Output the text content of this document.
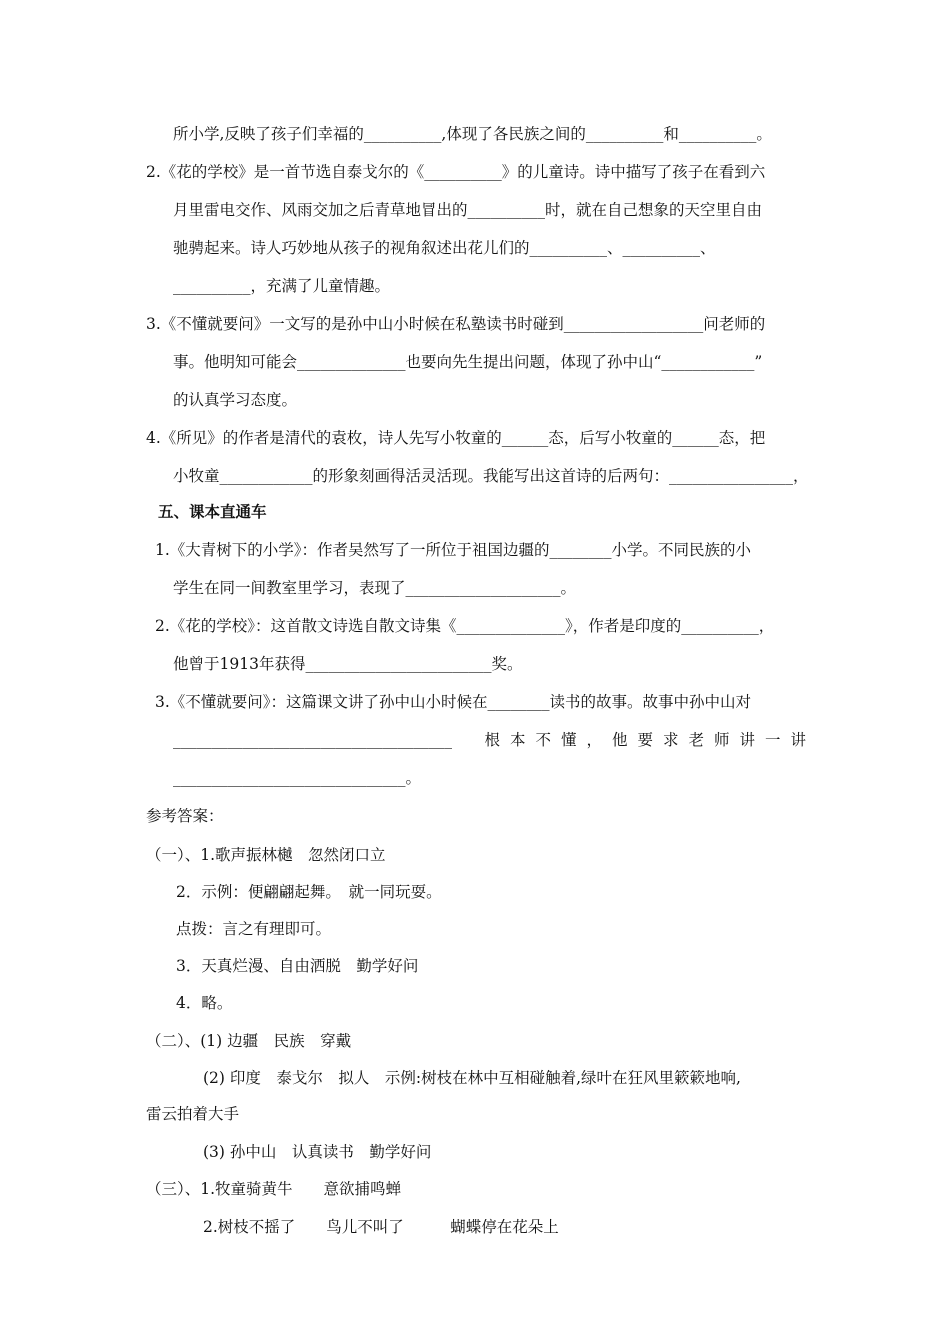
所小学,反映了孩子们幸福的__________,体现了各民族之间的__________和__________。
2.《花的学校》是一首节选自泰戈尔的《__________》的儿童诗。诗中描写了孩子在看到六
月里雷电交作、风雨交加之后青草地冒出的__________时，就在自己想象的天空里自由
驰骋起来。诗人巧妙地从孩子的视角叙述出花儿们的__________、__________、
__________，充满了儿童情趣。
3.《不懂就要问》一文写的是孙中山小时候在私塾读书时碰到__________________问老师的
事。他明知可能会______________也要向先生提出问题，体现了孙中山“____________”
的认真学习态度。
4.《所见》的作者是清代的袁枚，诗人先写小牧童的______态，后写小牧童的______态，把
小牧童____________的形象刻画得活灵活现。我能写出这首诗的后两句：________________，
五、课本直通车
1.《大青树下的小学》：作者吴然写了一所位于祖国边疆的________小学。不同民族的小
学生在同一间教室里学习，表现了____________________。
2.《花的学校》：这首散文诗选自散文诗集《______________》，作者是印度的__________，
他曾于1913年获得________________________奖。
3.《不懂就要问》：这篇课文讲了孙中山小时候在________读书的故事。故事中孙中山对
____________________________________ 根本不懂，他要求老师讲一讲
______________________________。
参考答案：
（一）、1.歌声振林樾　忽然闭口立
2．示例：便翩翩起舞。　就一同玩耍。
点拨：言之有理即可。
3．天真烂漫、自由洒脱　勤学好问
4．略。
（二）、(1) 边疆　民族　穿戴
(2) 印度　泰戈尔　拟人　示例:树枝在林中互相碰触着,绿叶在狂风里簌簌地响,
雷云拍着大手
(3) 孙中山　认真读书　勤学好问
（三）、1.牧童骑黄牛　　意欲捕鸣蝉
2.树枝不摇了　　鸟儿不叫了　　　蝴蝶停在花朵上
